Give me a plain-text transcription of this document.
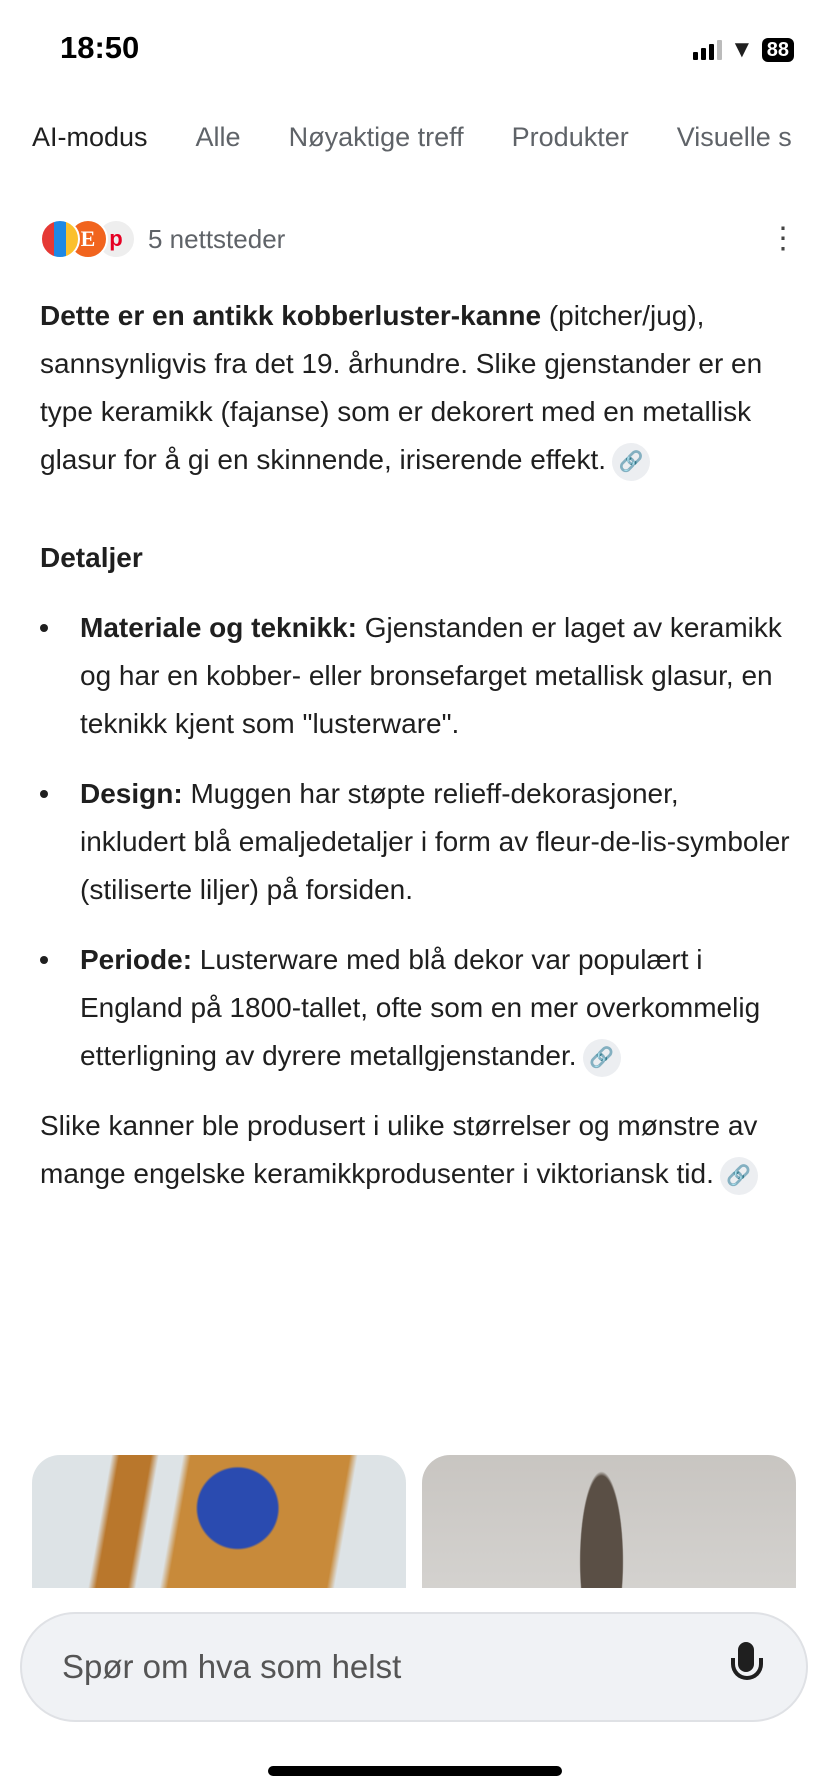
18:50	▼ 88
AI-modus Alle Nøyaktige treff Produkter Visuelle s
E p 5 nettsteder	⋮

Dette er en antikk kobberluster-kanne (pitcher/jug), sannsynligvis fra det 19. århundre. Slike gjenstander er en type keramikk (fajanse) som er dekorert med en metallisk glasur for å gi en skinnende, iriserende effekt. 🔗

Detaljer
Materiale og teknikk: Gjenstanden er laget av keramikk og har en kobber- eller bronsefarget metallisk glasur, en teknikk kjent som "lusterware".
Design: Muggen har støpte relieff-dekorasjoner, inkludert blå emaljedetaljer i form av fleur-de-lis-symboler (stiliserte liljer) på forsiden.
Periode: Lusterware med blå dekor var populært i England på 1800-tallet, ofte som en mer overkommelig etterligning av dyrere metallgjenstander. 🔗

Slike kanner ble produsert i ulike størrelser og mønstre av mange engelske keramikkprodusenter i viktoriansk tid. 🔗

Spør om hva som helst
